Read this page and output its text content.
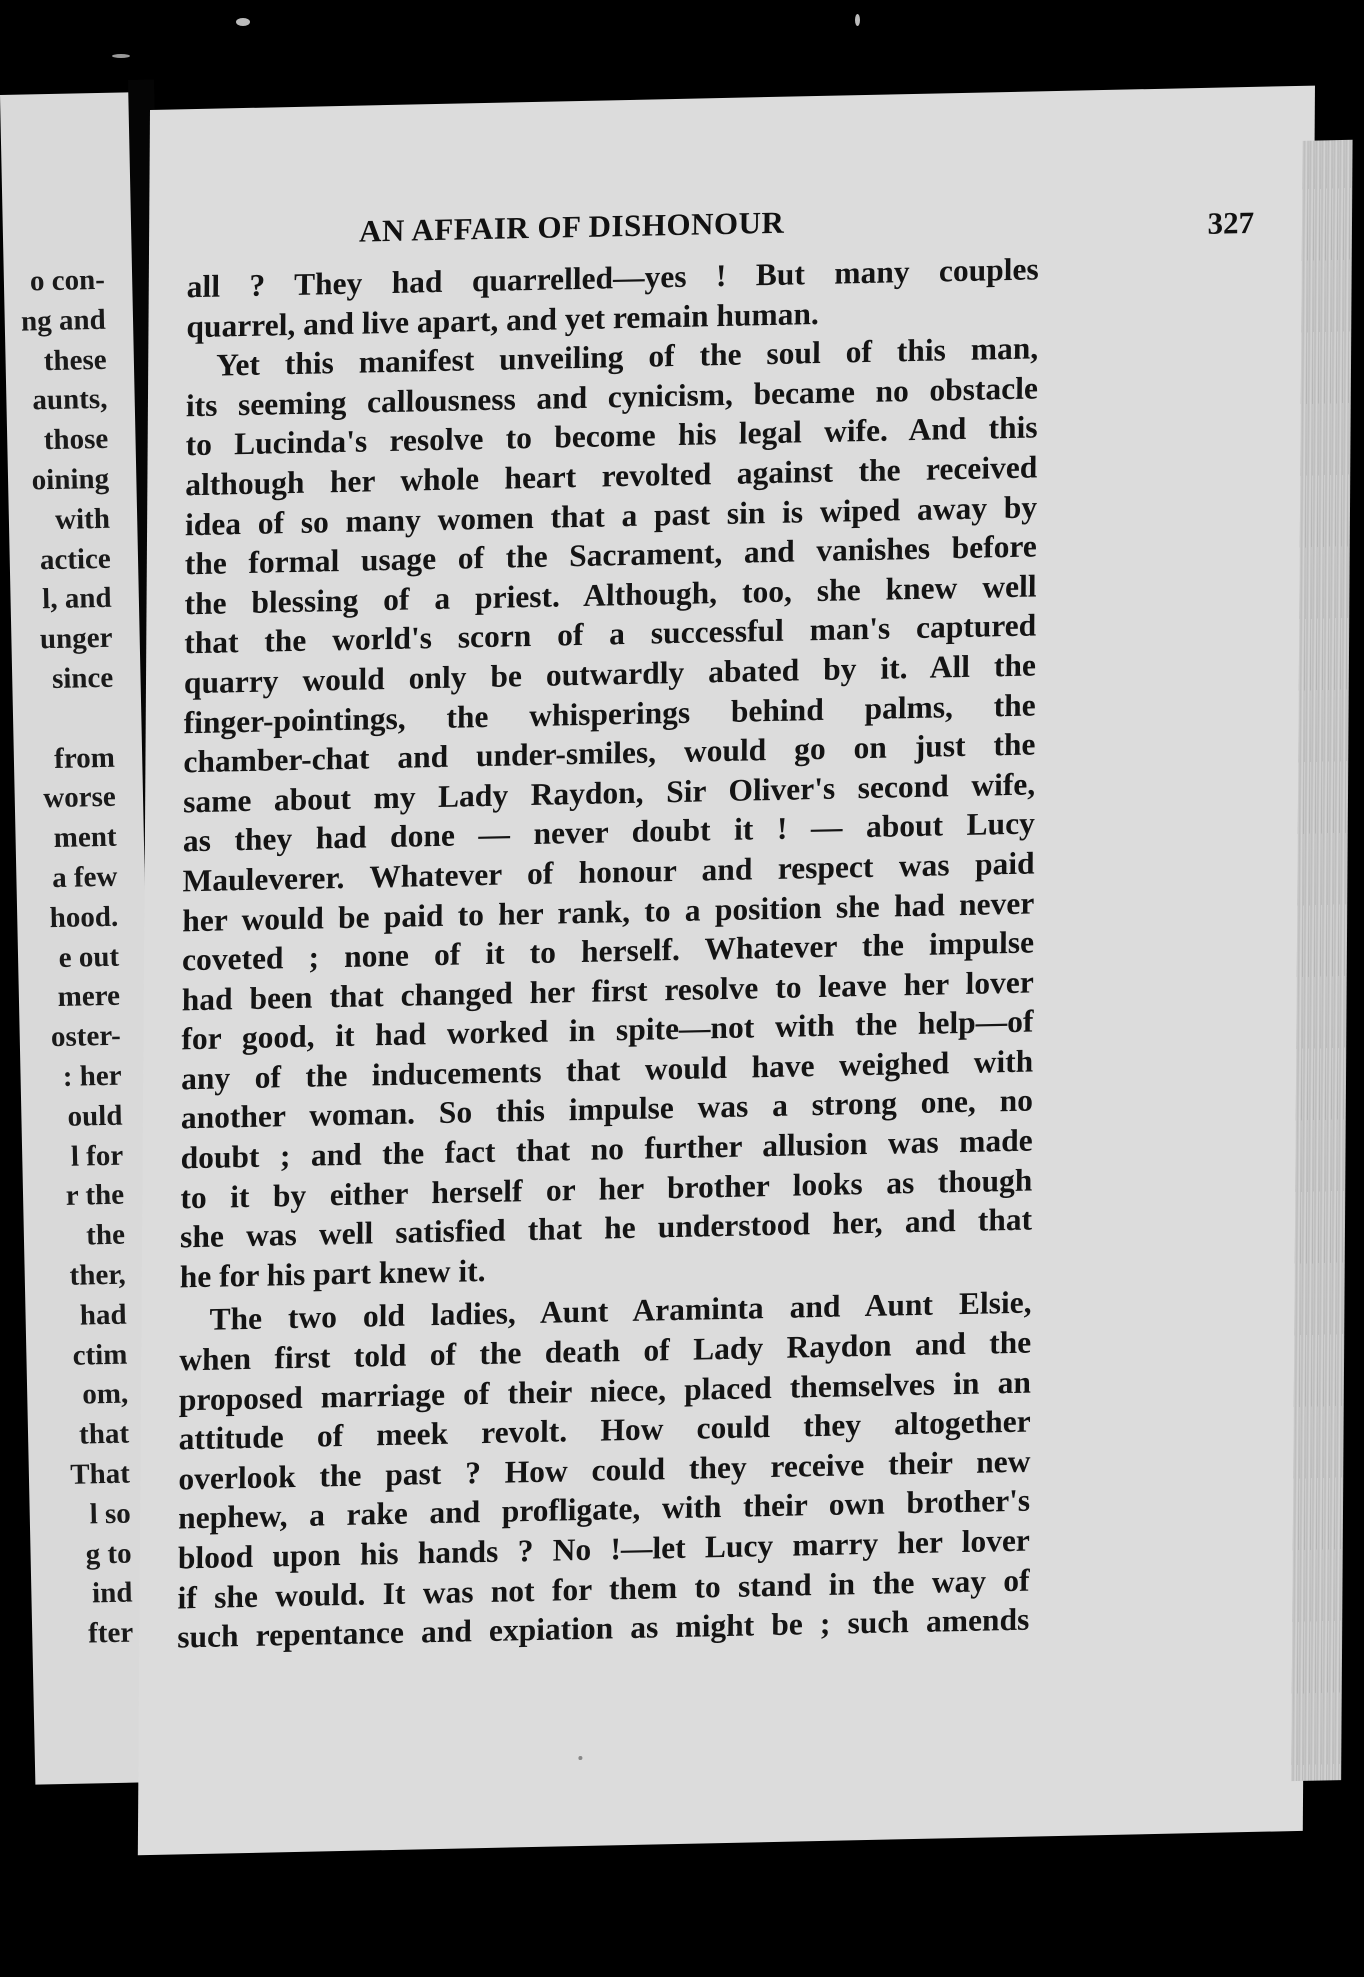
o con-
ng and
these
aunts,
those
oining
with
actice
l, and
unger
since
from
worse
ment
a few
hood.
e out
mere
oster-
: her
ould
l for
r the
the
ther,
had
ctim
om,
that
That
l so
g to
ind
fter
AN AFFAIR OF DISHONOUR	327
all ? They had quarrelled—yes ! But many couples
quarrel, and live apart, and yet remain human.
Yet this manifest unveiling of the soul of this man,
its seeming callousness and cynicism, became no obstacle
to Lucinda's resolve to become his legal wife. And this
although her whole heart revolted against the received
idea of so many women that a past sin is wiped away by
the formal usage of the Sacrament, and vanishes before
the blessing of a priest. Although, too, she knew well
that the world's scorn of a successful man's captured
quarry would only be outwardly abated by it. All the
finger-pointings, the whisperings behind palms, the
chamber-chat and under-smiles, would go on just the
same about my Lady Raydon, Sir Oliver's second wife,
as they had done — never doubt it ! — about Lucy
Mauleverer. Whatever of honour and respect was paid
her would be paid to her rank, to a position she had never
coveted ; none of it to herself. Whatever the impulse
had been that changed her first resolve to leave her lover
for good, it had worked in spite—not with the help—of
any of the inducements that would have weighed with
another woman. So this impulse was a strong one, no
doubt ; and the fact that no further allusion was made
to it by either herself or her brother looks as though
she was well satisfied that he understood her, and that
he for his part knew it.
The two old ladies, Aunt Araminta and Aunt Elsie,
when first told of the death of Lady Raydon and the
proposed marriage of their niece, placed themselves in an
attitude of meek revolt. How could they altogether
overlook the past ? How could they receive their new
nephew, a rake and profligate, with their own brother's
blood upon his hands ? No !—let Lucy marry her lover
if she would. It was not for them to stand in the way of
such repentance and expiation as might be ; such amends
